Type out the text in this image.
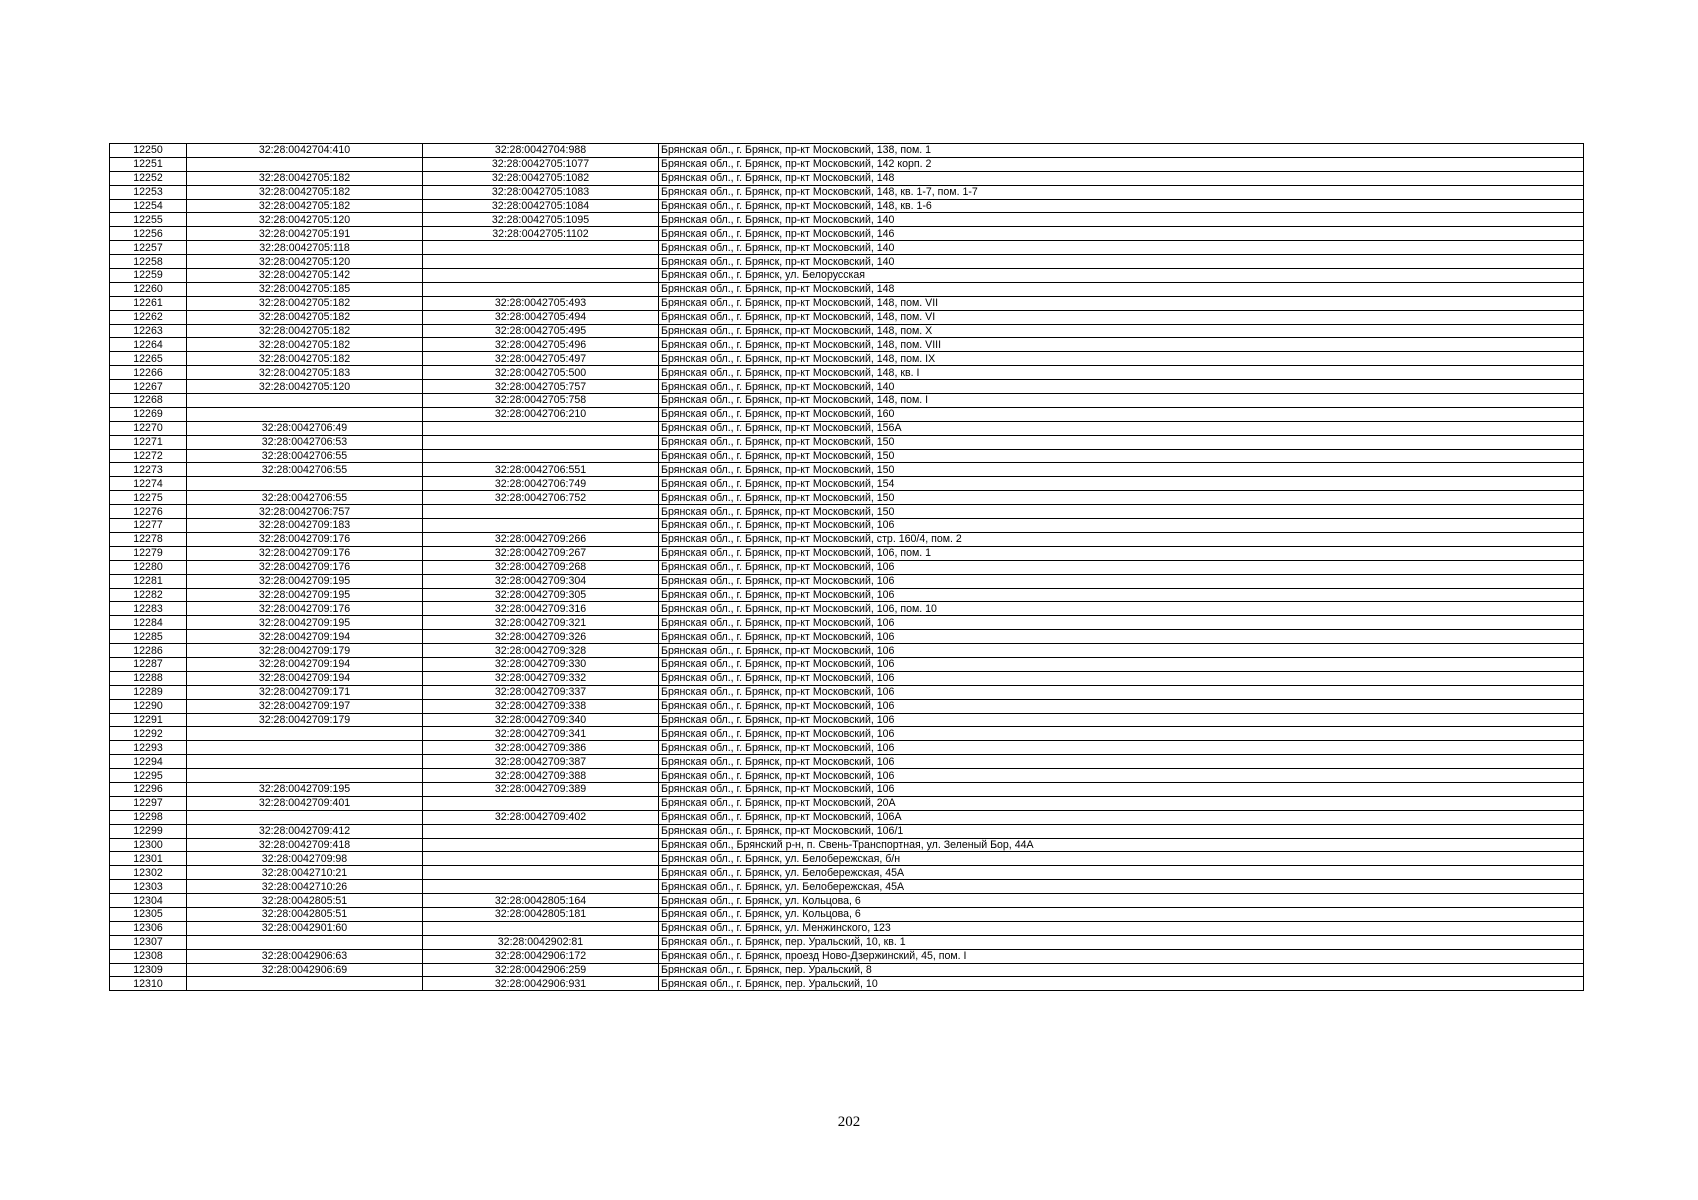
12250	32:28:0042704:410	32:28:0042704:988	Брянская обл., г. Брянск, пр-кт Московский, 138, пом. 1
12251		32:28:0042705:1077	Брянская обл., г. Брянск, пр-кт Московский, 142 корп. 2
12252	32:28:0042705:182	32:28:0042705:1082	Брянская обл., г. Брянск, пр-кт Московский, 148
12253	32:28:0042705:182	32:28:0042705:1083	Брянская обл., г. Брянск, пр-кт Московский, 148, кв. 1-7, пом. 1-7
12254	32:28:0042705:182	32:28:0042705:1084	Брянская обл., г. Брянск, пр-кт Московский, 148, кв. 1-6
12255	32:28:0042705:120	32:28:0042705:1095	Брянская обл., г. Брянск, пр-кт Московский, 140
12256	32:28:0042705:191	32:28:0042705:1102	Брянская обл., г. Брянск, пр-кт Московский, 146
12257	32:28:0042705:118		Брянская обл., г. Брянск, пр-кт Московский, 140
12258	32:28:0042705:120		Брянская обл., г. Брянск, пр-кт Московский, 140
12259	32:28:0042705:142		Брянская обл., г. Брянск, ул. Белорусская
12260	32:28:0042705:185		Брянская обл., г. Брянск, пр-кт Московский, 148
12261	32:28:0042705:182	32:28:0042705:493	Брянская обл., г. Брянск, пр-кт Московский, 148, пом. VII
12262	32:28:0042705:182	32:28:0042705:494	Брянская обл., г. Брянск, пр-кт Московский, 148, пом. VI
12263	32:28:0042705:182	32:28:0042705:495	Брянская обл., г. Брянск, пр-кт Московский, 148, пом. X
12264	32:28:0042705:182	32:28:0042705:496	Брянская обл., г. Брянск, пр-кт Московский, 148, пом. VIII
12265	32:28:0042705:182	32:28:0042705:497	Брянская обл., г. Брянск, пр-кт Московский, 148, пом. IX
12266	32:28:0042705:183	32:28:0042705:500	Брянская обл., г. Брянск, пр-кт Московский, 148, кв. I
12267	32:28:0042705:120	32:28:0042705:757	Брянская обл., г. Брянск, пр-кт Московский, 140
12268		32:28:0042705:758	Брянская обл., г. Брянск, пр-кт Московский, 148, пом. I
12269		32:28:0042706:210	Брянская обл., г. Брянск, пр-кт Московский, 160
12270	32:28:0042706:49		Брянская обл., г. Брянск, пр-кт Московский, 156А
12271	32:28:0042706:53		Брянская обл., г. Брянск, пр-кт Московский, 150
12272	32:28:0042706:55		Брянская обл., г. Брянск, пр-кт Московский, 150
12273	32:28:0042706:55	32:28:0042706:551	Брянская обл., г. Брянск, пр-кт Московский, 150
12274		32:28:0042706:749	Брянская обл., г. Брянск, пр-кт Московский, 154
12275	32:28:0042706:55	32:28:0042706:752	Брянская обл., г. Брянск, пр-кт Московский, 150
12276	32:28:0042706:757		Брянская обл., г. Брянск, пр-кт Московский, 150
12277	32:28:0042709:183		Брянская обл., г. Брянск, пр-кт Московский, 106
12278	32:28:0042709:176	32:28:0042709:266	Брянская обл., г. Брянск, пр-кт Московский, стр. 160/4, пом. 2
12279	32:28:0042709:176	32:28:0042709:267	Брянская обл., г. Брянск, пр-кт Московский, 106, пом. 1
12280	32:28:0042709:176	32:28:0042709:268	Брянская обл., г. Брянск, пр-кт Московский, 106
12281	32:28:0042709:195	32:28:0042709:304	Брянская обл., г. Брянск, пр-кт Московский, 106
12282	32:28:0042709:195	32:28:0042709:305	Брянская обл., г. Брянск, пр-кт Московский, 106
12283	32:28:0042709:176	32:28:0042709:316	Брянская обл., г. Брянск, пр-кт Московский, 106, пом. 10
12284	32:28:0042709:195	32:28:0042709:321	Брянская обл., г. Брянск, пр-кт Московский, 106
12285	32:28:0042709:194	32:28:0042709:326	Брянская обл., г. Брянск, пр-кт Московский, 106
12286	32:28:0042709:179	32:28:0042709:328	Брянская обл., г. Брянск, пр-кт Московский, 106
12287	32:28:0042709:194	32:28:0042709:330	Брянская обл., г. Брянск, пр-кт Московский, 106
12288	32:28:0042709:194	32:28:0042709:332	Брянская обл., г. Брянск, пр-кт Московский, 106
12289	32:28:0042709:171	32:28:0042709:337	Брянская обл., г. Брянск, пр-кт Московский, 106
12290	32:28:0042709:197	32:28:0042709:338	Брянская обл., г. Брянск, пр-кт Московский, 106
12291	32:28:0042709:179	32:28:0042709:340	Брянская обл., г. Брянск, пр-кт Московский, 106
12292		32:28:0042709:341	Брянская обл., г. Брянск, пр-кт Московский, 106
12293		32:28:0042709:386	Брянская обл., г. Брянск, пр-кт Московский, 106
12294		32:28:0042709:387	Брянская обл., г. Брянск, пр-кт Московский, 106
12295		32:28:0042709:388	Брянская обл., г. Брянск, пр-кт Московский, 106
12296	32:28:0042709:195	32:28:0042709:389	Брянская обл., г. Брянск, пр-кт Московский, 106
12297	32:28:0042709:401		Брянская обл., г. Брянск, пр-кт Московский, 20А
12298		32:28:0042709:402	Брянская обл., г. Брянск, пр-кт Московский, 106А
12299	32:28:0042709:412		Брянская обл., г. Брянск, пр-кт Московский, 106/1
12300	32:28:0042709:418		Брянская обл., Брянский р-н, п. Свень-Транспортная, ул. Зеленый Бор, 44А
12301	32:28:0042709:98		Брянская обл., г. Брянск, ул. Белобережская, б/н
12302	32:28:0042710:21		Брянская обл., г. Брянск, ул. Белобережская, 45А
12303	32:28:0042710:26		Брянская обл., г. Брянск, ул. Белобережская, 45А
12304	32:28:0042805:51	32:28:0042805:164	Брянская обл., г. Брянск, ул. Кольцова, 6
12305	32:28:0042805:51	32:28:0042805:181	Брянская обл., г. Брянск, ул. Кольцова, 6
12306	32:28:0042901:60		Брянская обл., г. Брянск, ул. Менжинского, 123
12307		32:28:0042902:81	Брянская обл., г. Брянск, пер. Уральский, 10, кв. 1
12308	32:28:0042906:63	32:28:0042906:172	Брянская обл., г. Брянск, проезд Ново-Дзержинский, 45, пом. I
12309	32:28:0042906:69	32:28:0042906:259	Брянская обл., г. Брянск, пер. Уральский, 8
12310		32:28:0042906:931	Брянская обл., г. Брянск, пер. Уральский, 10
202
